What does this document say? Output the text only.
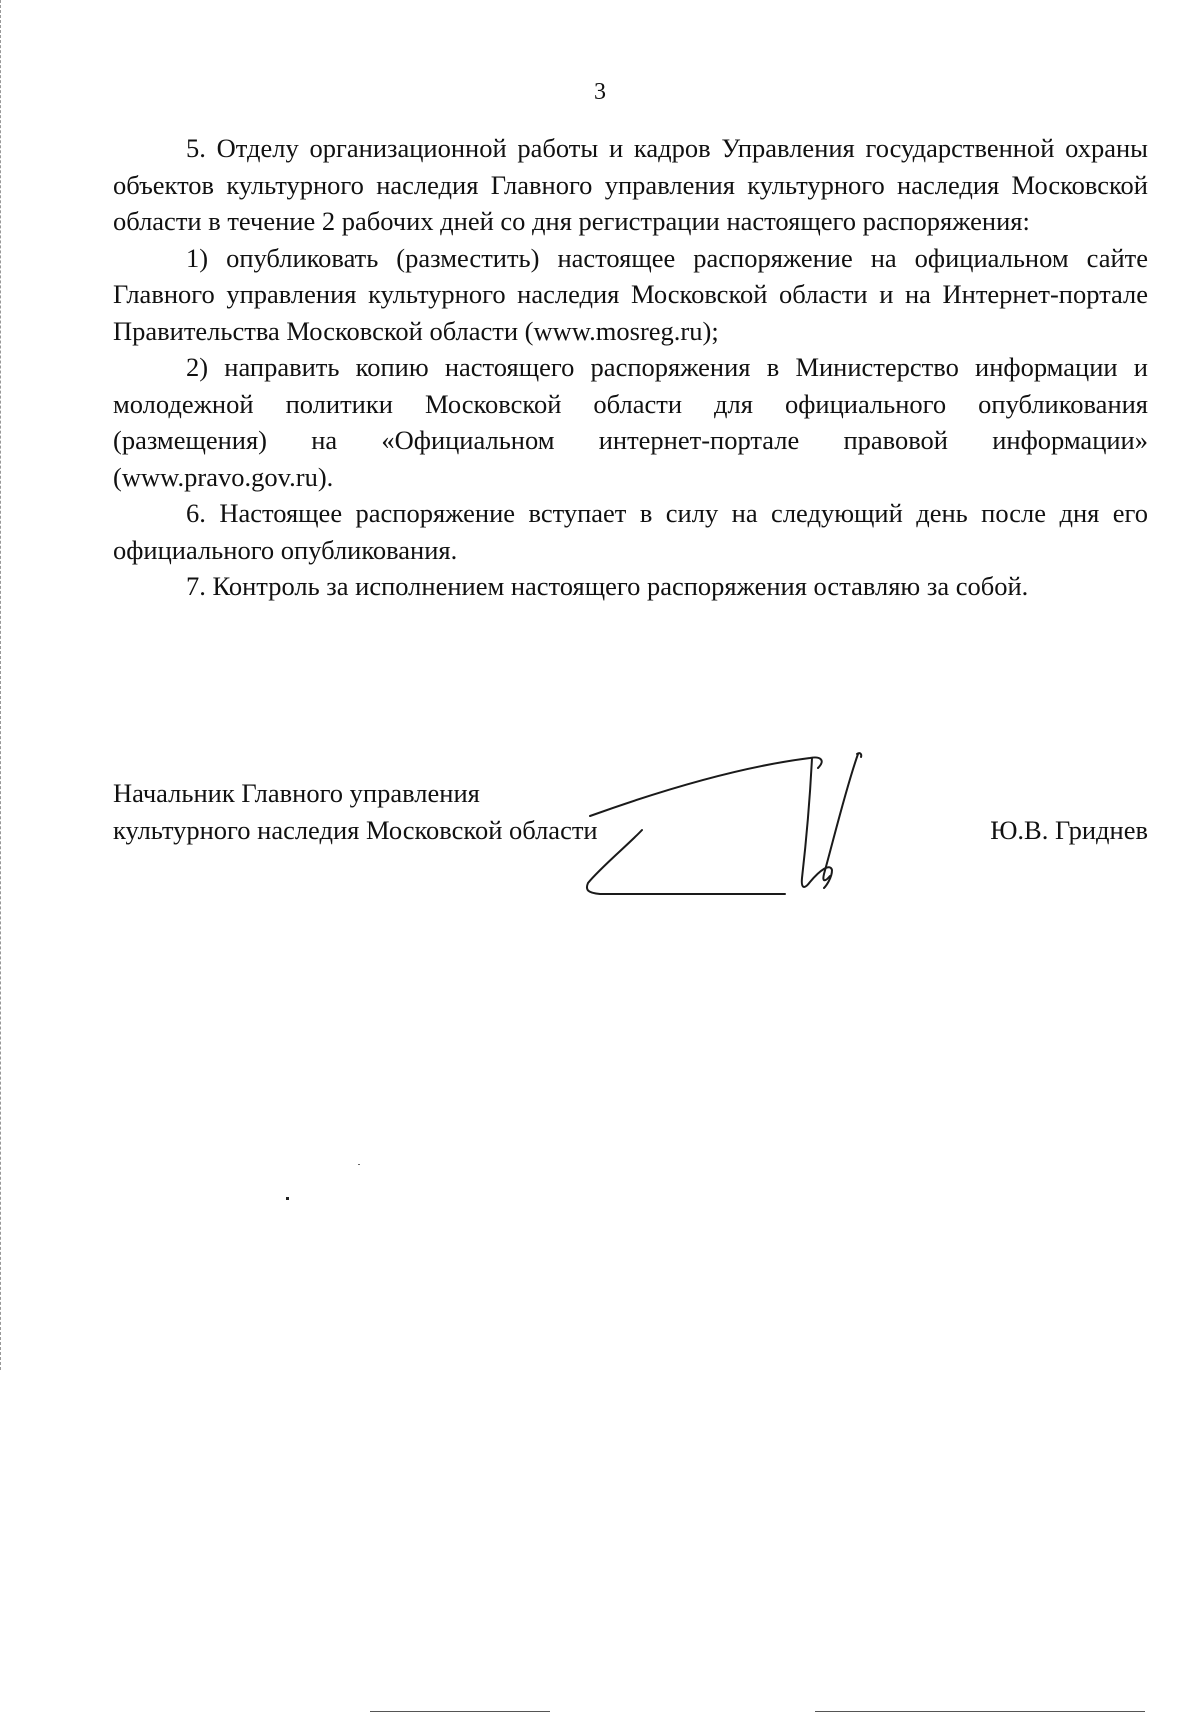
3

5. Отделу организационной работы и кадров Управления государственной охраны объектов культурного наследия Главного управления культурного наследия Московской области в течение 2 рабочих дней со дня регистрации настоящего распоряжения:

1) опубликовать (разместить) настоящее распоряжение на официальном сайте Главного управления культурного наследия Московской области и на Интернет-портале Правительства Московской области (www.mosreg.ru);

2) направить копию настоящего распоряжения в Министерство информации и молодежной политики Московской области для официального опубликования (размещения) на «Официальном интернет-портале правовой информации» (www.pravo.gov.ru).

6. Настоящее распоряжение вступает в силу на следующий день после дня его официального опубликования.

7. Контроль за исполнением настоящего распоряжения оставляю за собой.

Начальник Главного управления
культурного наследия Московской области	Ю.В. Гриднев
